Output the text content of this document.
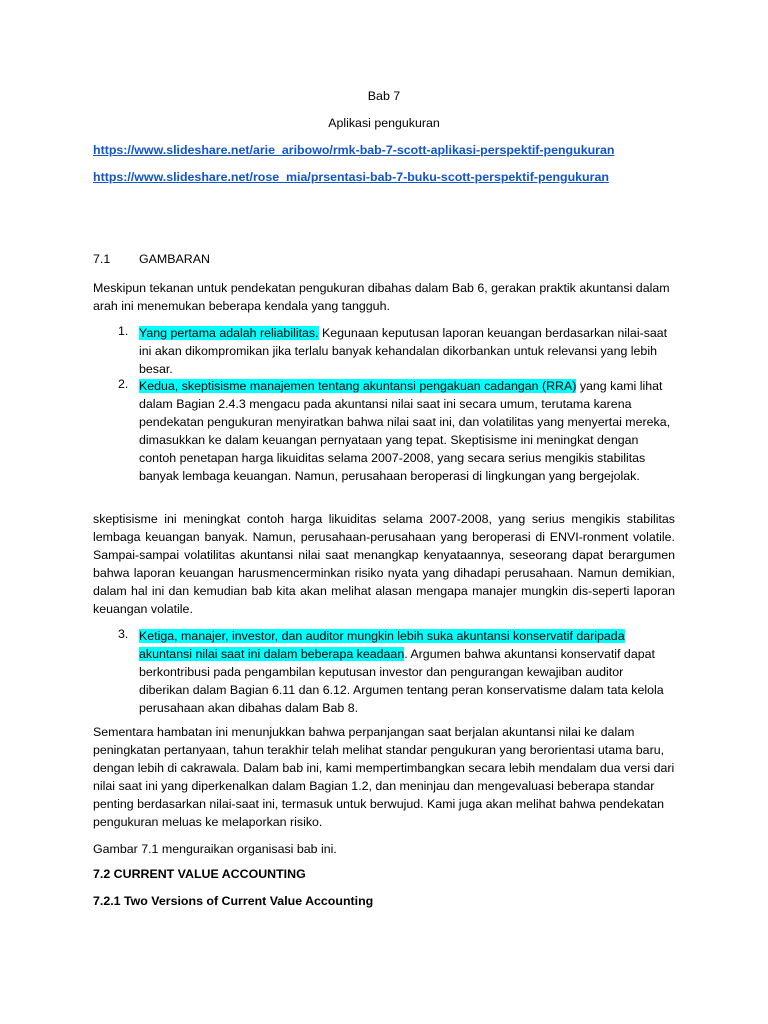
Bab 7
Aplikasi pengukuran
https://www.slideshare.net/arie_aribowo/rmk-bab-7-scott-aplikasi-perspektif-pengukuran
https://www.slideshare.net/rose_mia/prsentasi-bab-7-buku-scott-perspektif-pengukuran
7.1 GAMBARAN
Meskipun tekanan untuk pendekatan pengukuran dibahas dalam Bab 6, gerakan praktik akuntansi dalam arah ini menemukan beberapa kendala yang tangguh.
1. Yang pertama adalah reliabilitas. Kegunaan keputusan laporan keuangan berdasarkan nilai-saat ini akan dikompromikan jika terlalu banyak kehandalan dikorbankan untuk relevansi yang lebih besar.
2. Kedua, skeptisisme manajemen tentang akuntansi pengakuan cadangan (RRA) yang kami lihat dalam Bagian 2.4.3 mengacu pada akuntansi nilai saat ini secara umum, terutama karena pendekatan pengukuran menyiratkan bahwa nilai saat ini, dan volatilitas yang menyertai mereka, dimasukkan ke dalam keuangan pernyataan yang tepat. Skeptisisme ini meningkat dengan contoh penetapan harga likuiditas selama 2007-2008, yang secara serius mengikis stabilitas banyak lembaga keuangan. Namun, perusahaan beroperasi di lingkungan yang bergejolak.
skeptisisme ini meningkat contoh harga likuiditas selama 2007-2008, yang serius mengikis stabilitas lembaga keuangan banyak. Namun, perusahaan-perusahaan yang beroperasi di ENVI-ronment volatile. Sampai-sampai volatilitas akuntansi nilai saat menangkap kenyataannya, seseorang dapat berargumen bahwa laporan keuangan harusmencerminkan risiko nyata yang dihadapi perusahaan. Namun demikian, dalam hal ini dan kemudian bab kita akan melihat alasan mengapa manajer mungkin dis-seperti laporan keuangan volatile.
3. Ketiga, manajer, investor, dan auditor mungkin lebih suka akuntansi konservatif daripada akuntansi nilai saat ini dalam beberapa keadaan. Argumen bahwa akuntansi konservatif dapat berkontribusi pada pengambilan keputusan investor dan pengurangan kewajiban auditor diberikan dalam Bagian 6.11 dan 6.12. Argumen tentang peran konservatisme dalam tata kelola perusahaan akan dibahas dalam Bab 8.
Sementara hambatan ini menunjukkan bahwa perpanjangan saat berjalan akuntansi nilai ke dalam peningkatan pertanyaan, tahun terakhir telah melihat standar pengukuran yang berorientasi utama baru, dengan lebih di cakrawala. Dalam bab ini, kami mempertimbangkan secara lebih mendalam dua versi dari nilai saat ini yang diperkenalkan dalam Bagian 1.2, dan meninjau dan mengevaluasi beberapa standar penting berdasarkan nilai-saat ini, termasuk untuk berwujud. Kami juga akan melihat bahwa pendekatan pengukuran meluas ke melaporkan risiko.
Gambar 7.1 menguraikan organisasi bab ini.
7.2 CURRENT VALUE ACCOUNTING
7.2.1 Two Versions of Current Value Accounting
